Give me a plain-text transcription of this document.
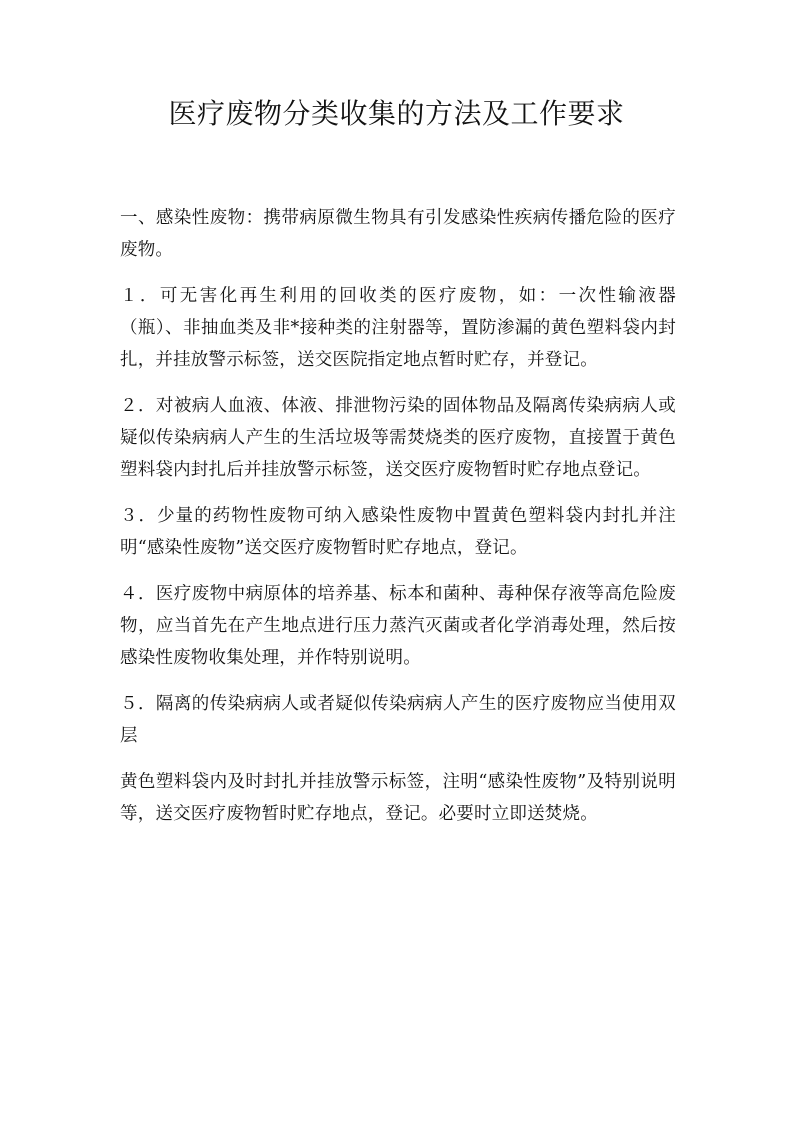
医疗废物分类收集的方法及工作要求

一、感染性废物：携带病原微生物具有引发感染性疾病传播危险的医疗废物。

１．可无害化再生利用的回收类的医疗废物，如：一次性输液器（瓶）、非抽血类及非*接种类的注射器等，置防渗漏的黄色塑料袋内封扎，并挂放警示标签，送交医院指定地点暂时贮存，并登记。

２．对被病人血液、体液、排泄物污染的固体物品及隔离传染病病人或疑似传染病病人产生的生活垃圾等需焚烧类的医疗废物，直接置于黄色塑料袋内封扎后并挂放警示标签，送交医疗废物暂时贮存地点登记。

３．少量的药物性废物可纳入感染性废物中置黄色塑料袋内封扎并注明“感染性废物”送交医疗废物暂时贮存地点，登记。

４．医疗废物中病原体的培养基、标本和菌种、毒种保存液等高危险废物，应当首先在产生地点进行压力蒸汽灭菌或者化学消毒处理，然后按感染性废物收集处理，并作特别说明。

５．隔离的传染病病人或者疑似传染病病人产生的医疗废物应当使用双层

黄色塑料袋内及时封扎并挂放警示标签，注明“感染性废物”及特别说明等，送交医疗废物暂时贮存地点，登记。必要时立即送焚烧。
